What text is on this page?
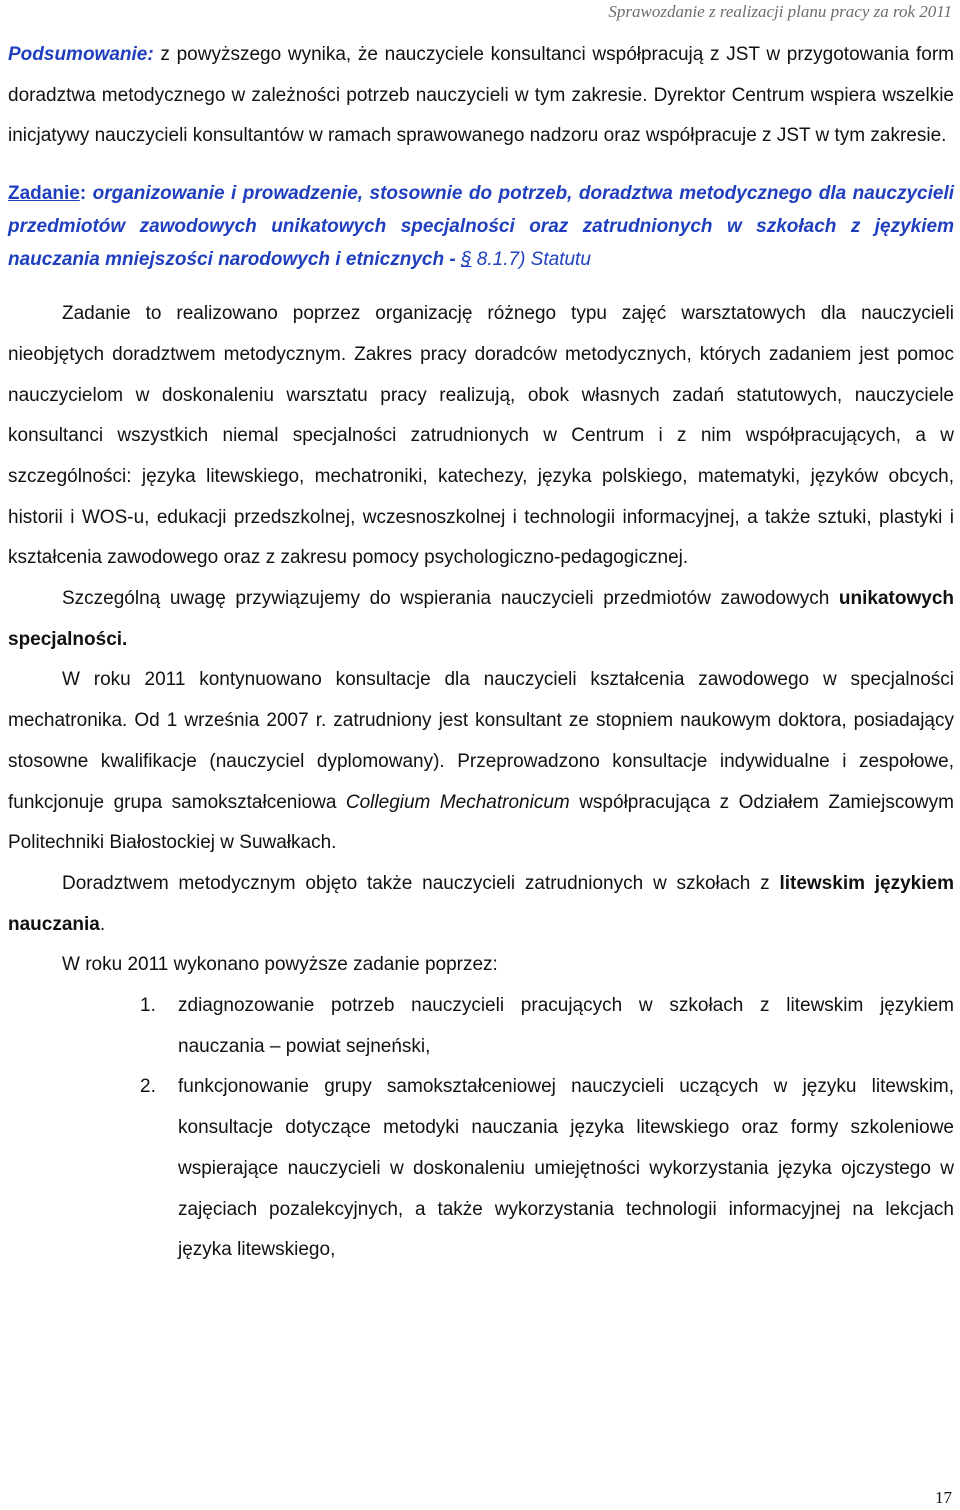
Sprawozdanie z realizacji planu pracy za rok 2011

Podsumowanie: z powyższego wynika, że nauczyciele konsultanci współpracują z JST w przygotowania form doradztwa metodycznego w zależności potrzeb nauczycieli w tym zakresie. Dyrektor Centrum wspiera wszelkie inicjatywy nauczycieli konsultantów w ramach sprawowanego nadzoru oraz współpracuje z JST w tym zakresie.

Zadanie: organizowanie i prowadzenie, stosownie do potrzeb, doradztwa metodycznego dla nauczycieli przedmiotów zawodowych unikatowych specjalności oraz zatrudnionych w szkołach z językiem nauczania mniejszości narodowych i etnicznych - § 8.1.7) Statutu

Zadanie to realizowano poprzez organizację różnego typu zajęć warsztatowych dla nauczycieli nieobjętych doradztwem metodycznym. Zakres pracy doradców metodycznych, których zadaniem jest pomoc nauczycielom w doskonaleniu warsztatu pracy realizują, obok własnych zadań statutowych, nauczyciele konsultanci wszystkich niemal specjalności zatrudnionych w Centrum i z nim współpracujących, a w szczególności: języka litewskiego, mechatroniki, katechezy, języka polskiego, matematyki, języków obcych, historii i WOS-u, edukacji przedszkolnej, wczesnoszkolnej i technologii informacyjnej, a także sztuki, plastyki i kształcenia zawodowego oraz z zakresu pomocy psychologiczno-pedagogicznej.

Szczególną uwagę przywiązujemy do wspierania nauczycieli przedmiotów zawodowych unikatowych specjalności.

W roku 2011 kontynuowano konsultacje dla nauczycieli kształcenia zawodowego w specjalności mechatronika. Od 1 września 2007 r. zatrudniony jest konsultant ze stopniem naukowym doktora, posiadający stosowne kwalifikacje (nauczyciel dyplomowany). Przeprowadzono konsultacje indywidualne i zespołowe, funkcjonuje grupa samokształceniowa Collegium Mechatronicum współpracująca z Odziałem Zamiejscowym Politechniki Białostockiej w Suwałkach.

Doradztwem metodycznym objęto także nauczycieli zatrudnionych w szkołach z litewskim językiem nauczania.

W roku 2011 wykonano powyższe zadanie poprzez:

1. zdiagnozowanie potrzeb nauczycieli pracujących w szkołach z litewskim językiem nauczania – powiat sejneński,
2. funkcjonowanie grupy samokształceniowej nauczycieli uczących w języku litewskim, konsultacje dotyczące metodyki nauczania języka litewskiego oraz formy szkoleniowe wspierające nauczycieli w doskonaleniu umiejętności wykorzystania języka ojczystego w zajęciach pozalekcyjnych, a także wykorzystania technologii informacyjnej na lekcjach języka litewskiego,
17
